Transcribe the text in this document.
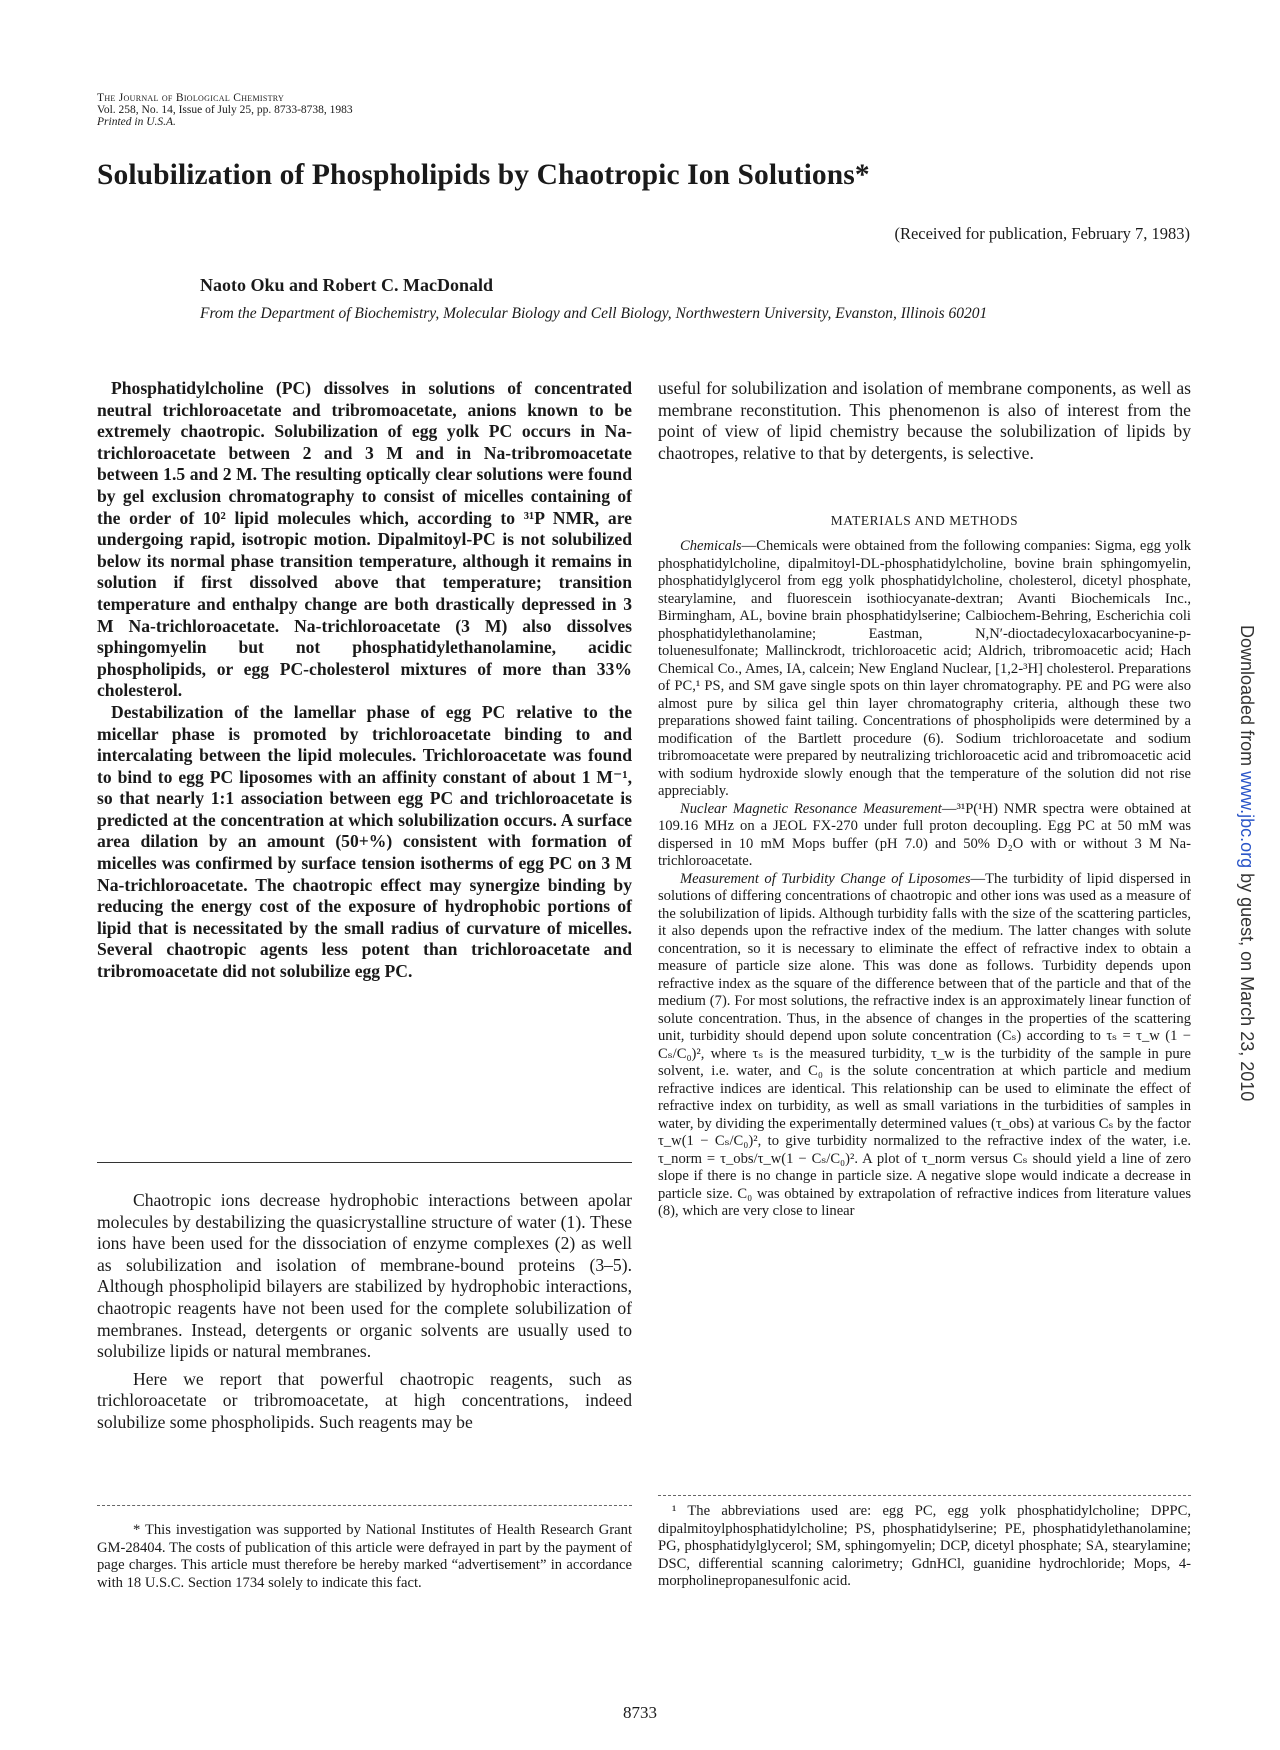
The Journal of Biological Chemistry
Vol. 258, No. 14, Issue of July 25, pp. 8733-8738, 1983
Printed in U.S.A.
Solubilization of Phospholipids by Chaotropic Ion Solutions*
(Received for publication, February 7, 1983)
Naoto Oku and Robert C. MacDonald
From the Department of Biochemistry, Molecular Biology and Cell Biology, Northwestern University, Evanston, Illinois 60201

Phosphatidylcholine (PC) dissolves in solutions of concentrated neutral trichloroacetate and tribromoacetate, anions known to be extremely chaotropic. Solubilization of egg yolk PC occurs in Na-trichloroacetate between 2 and 3 M and in Na-tribromoacetate between 1.5 and 2 M. The resulting optically clear solutions were found by gel exclusion chromatography to consist of micelles containing of the order of 10² lipid molecules which, according to ³¹P NMR, are undergoing rapid, isotropic motion. Dipalmitoyl-PC is not solubilized below its normal phase transition temperature, although it remains in solution if first dissolved above that temperature; transition temperature and enthalpy change are both drastically depressed in 3 M Na-trichloroacetate. Na-trichloroacetate (3 M) also dissolves sphingomyelin but not phosphatidylethanolamine, acidic phospholipids, or egg PC-cholesterol mixtures of more than 33% cholesterol.

Destabilization of the lamellar phase of egg PC relative to the micellar phase is promoted by trichloroacetate binding to and intercalating between the lipid molecules. Trichloroacetate was found to bind to egg PC liposomes with an affinity constant of about 1 M⁻¹, so that nearly 1:1 association between egg PC and trichloroacetate is predicted at the concentration at which solubilization occurs. A surface area dilation by an amount (50+%) consistent with formation of micelles was confirmed by surface tension isotherms of egg PC on 3 M Na-trichloroacetate. The chaotropic effect may synergize binding by reducing the energy cost of the exposure of hydrophobic portions of lipid that is necessitated by the small radius of curvature of micelles. Several chaotropic agents less potent than trichloroacetate and tribromoacetate did not solubilize egg PC.

Chaotropic ions decrease hydrophobic interactions between apolar molecules by destabilizing the quasicrystalline structure of water (1). These ions have been used for the dissociation of enzyme complexes (2) as well as solubilization and isolation of membrane-bound proteins (3–5). Although phospholipid bilayers are stabilized by hydrophobic interactions, chaotropic reagents have not been used for the complete solubilization of membranes. Instead, detergents or organic solvents are usually used to solubilize lipids or natural membranes.

Here we report that powerful chaotropic reagents, such as trichloroacetate or tribromoacetate, at high concentrations, indeed solubilize some phospholipids. Such reagents may be

* This investigation was supported by National Institutes of Health Research Grant GM-28404. The costs of publication of this article were defrayed in part by the payment of page charges. This article must therefore be hereby marked “advertisement” in accordance with 18 U.S.C. Section 1734 solely to indicate this fact.
useful for solubilization and isolation of membrane components, as well as membrane reconstitution. This phenomenon is also of interest from the point of view of lipid chemistry because the solubilization of lipids by chaotropes, relative to that by detergents, is selective.
MATERIALS AND METHODS

Chemicals—Chemicals were obtained from the following companies: Sigma, egg yolk phosphatidylcholine, dipalmitoyl-DL-phosphatidylcholine, bovine brain sphingomyelin, phosphatidylglycerol from egg yolk phosphatidylcholine, cholesterol, dicetyl phosphate, stearylamine, and fluorescein isothiocyanate-dextran; Avanti Biochemicals Inc., Birmingham, AL, bovine brain phosphatidylserine; Calbiochem-Behring, Escherichia coli phosphatidylethanolamine; Eastman, N,N′-dioctadecyloxacarbocyanine-p-toluenesulfonate; Mallinckrodt, trichloroacetic acid; Aldrich, tribromoacetic acid; Hach Chemical Co., Ames, IA, calcein; New England Nuclear, [1,2-³H] cholesterol. Preparations of PC,¹ PS, and SM gave single spots on thin layer chromatography. PE and PG were also almost pure by silica gel thin layer chromatography criteria, although these two preparations showed faint tailing. Concentrations of phospholipids were determined by a modification of the Bartlett procedure (6). Sodium trichloroacetate and sodium tribromoacetate were prepared by neutralizing trichloroacetic acid and tribromoacetic acid with sodium hydroxide slowly enough that the temperature of the solution did not rise appreciably.

Nuclear Magnetic Resonance Measurement—³¹P(¹H) NMR spectra were obtained at 109.16 MHz on a JEOL FX-270 under full proton decoupling. Egg PC at 50 mM was dispersed in 10 mM Mops buffer (pH 7.0) and 50% D₂O with or without 3 M Na-trichloroacetate.

Measurement of Turbidity Change of Liposomes—The turbidity of lipid dispersed in solutions of differing concentrations of chaotropic and other ions was used as a measure of the solubilization of lipids. Although turbidity falls with the size of the scattering particles, it also depends upon the refractive index of the medium. The latter changes with solute concentration, so it is necessary to eliminate the effect of refractive index to obtain a measure of particle size alone. This was done as follows. Turbidity depends upon refractive index as the square of the difference between that of the particle and that of the medium (7). For most solutions, the refractive index is an approximately linear function of solute concentration. Thus, in the absence of changes in the properties of the scattering unit, turbidity should depend upon solute concentration (Cₛ) according to τₛ = τ_w (1 − Cₛ/C₀)², where τₛ is the measured turbidity, τ_w is the turbidity of the sample in pure solvent, i.e. water, and C₀ is the solute concentration at which particle and medium refractive indices are identical. This relationship can be used to eliminate the effect of refractive index on turbidity, as well as small variations in the turbidities of samples in water, by dividing the experimentally determined values (τ_obs) at various Cₛ by the factor τ_w(1 − Cₛ/C₀)², to give turbidity normalized to the refractive index of the water, i.e. τ_norm = τ_obs/τ_w(1 − Cₛ/C₀)². A plot of τ_norm versus Cₛ should yield a line of zero slope if there is no change in particle size. A negative slope would indicate a decrease in particle size. C₀ was obtained by extrapolation of refractive indices from literature values (8), which are very close to linear

¹ The abbreviations used are: egg PC, egg yolk phosphatidylcholine; DPPC, dipalmitoylphosphatidylcholine; PS, phosphatidylserine; PE, phosphatidylethanolamine; PG, phosphatidylglycerol; SM, sphingomyelin; DCP, dicetyl phosphate; SA, stearylamine; DSC, differential scanning calorimetry; GdnHCl, guanidine hydrochloride; Mops, 4-morpholinepropanesulfonic acid.
8733
Downloaded from www.jbc.org by guest, on March 23, 2010
